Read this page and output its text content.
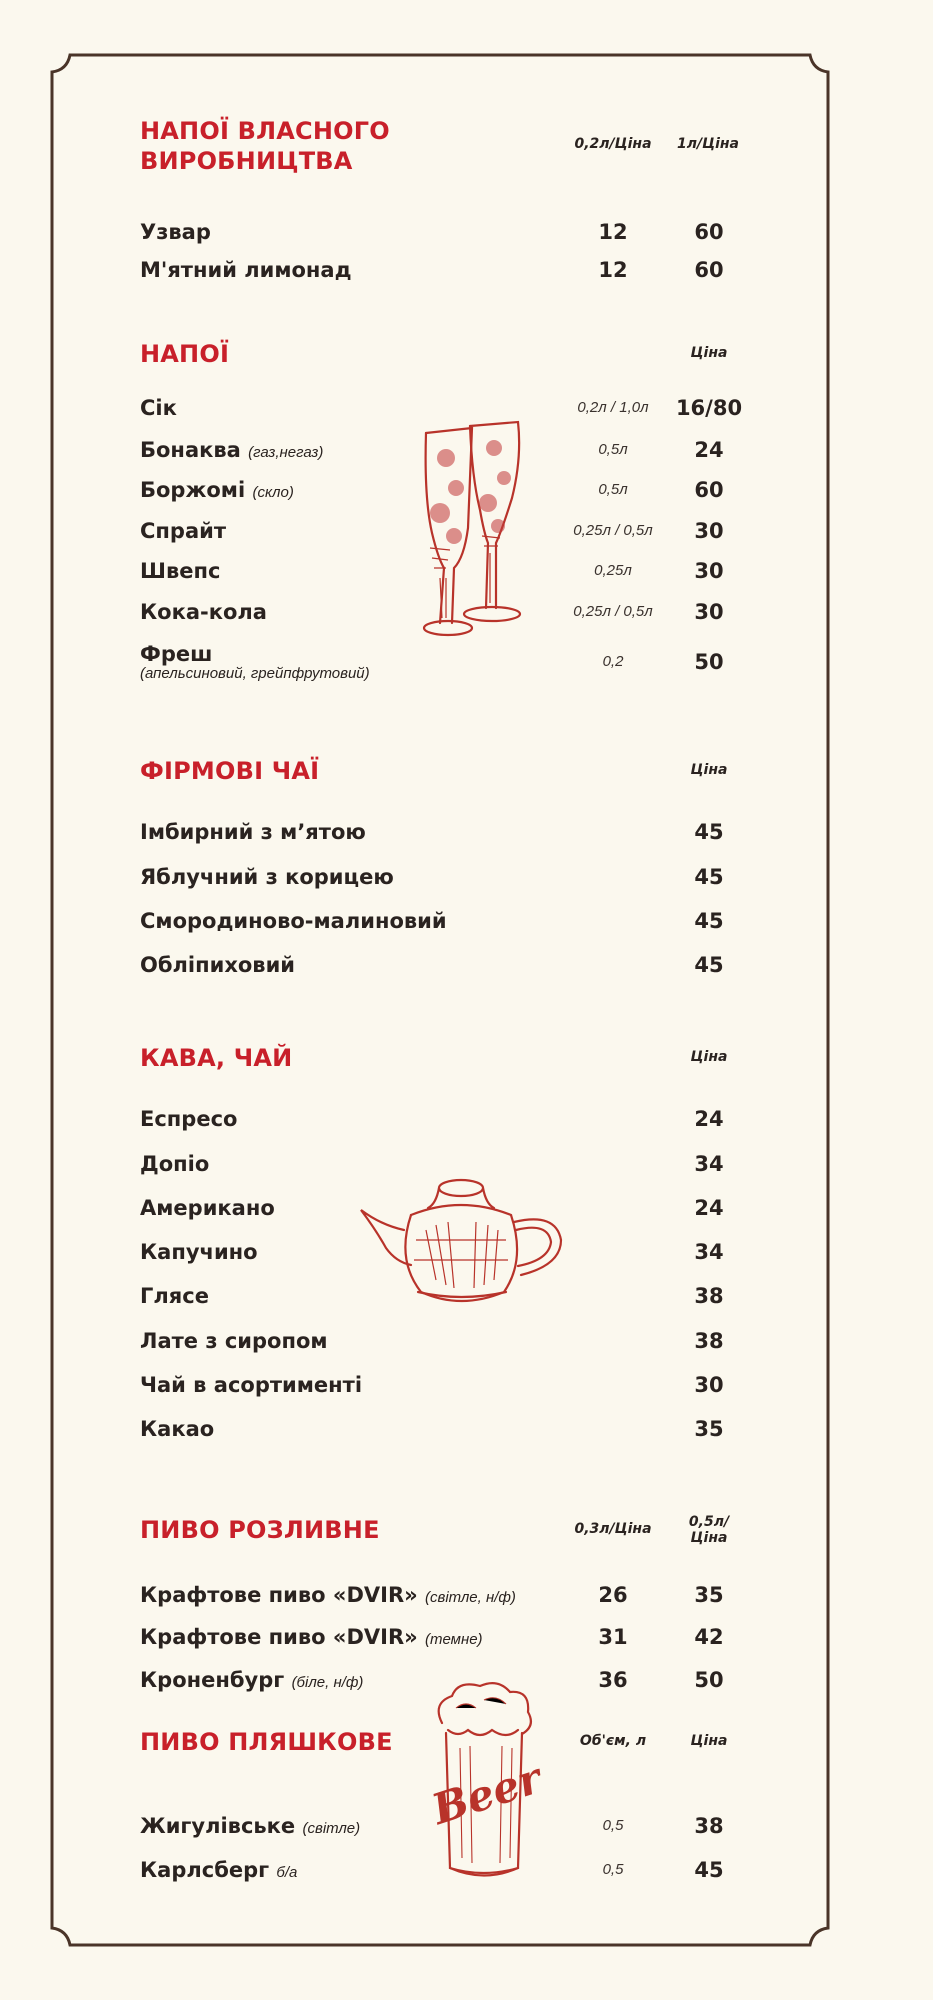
НАПОЇ ВЛАСНОГО ВИРОБНИЦТВА
0,2л/Ціна	1л/Ціна
Узвар	12	60
М'ятний лимонад	12	60
НАПОЇ	Ціна
Сік	0,2л / 1,0л	16/80
Бонаква (газ,негаз)	0,5л	24
Боржомі (скло)	0,5л	60
Спрайт	0,25л / 0,5л	30
Швепс	0,25л	30
Кока-кола	0,25л / 0,5л	30
Фреш
(апельсиновий, грейпфрутовий)
0,2	50
ФІРМОВІ ЧАЇ	Ціна
Імбирний з м’ятою	45
Яблучний з корицею	45
Смородиново-малиновий	45
Обліпиховий	45
КАВА, ЧАЙ	Ціна
Еспресо	24
Допіо	34
Американо	24
Капучино	34
Глясе	38
Лате з сиропом	38
Чай в асортименті	30
Какао	35
ПИВО РОЗЛИВНЕ	0,3л/Ціна	0,5л/
Ціна
Крафтове пиво «DVIR» (світле, н/ф)	26	35
Крафтове пиво «DVIR» (темне)	31	42
Кроненбург (біле, н/ф)	36	50
ПИВО ПЛЯШКОВЕ	Об'єм, л	Ціна
Жигулівське (світле)	0,5	38
Карлсберг б/а	0,5	45
Beer
